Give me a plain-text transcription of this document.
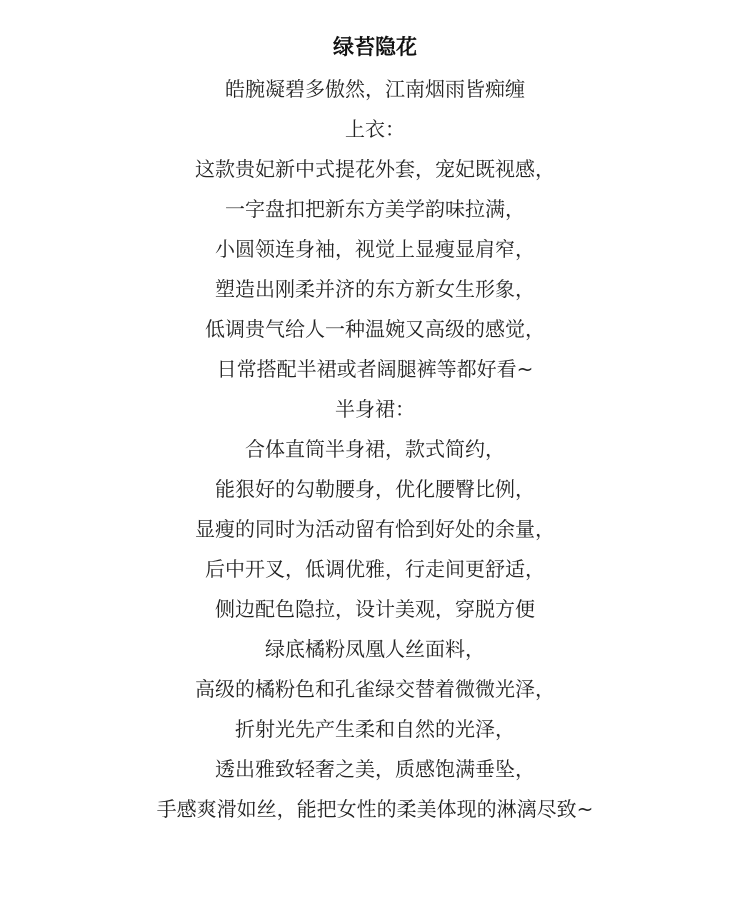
绿苔隐花
皓腕凝碧多傲然，江南烟雨皆痴缠
上衣：
这款贵妃新中式提花外套，宠妃既视感，
一字盘扣把新东方美学韵味拉满，
小圆领连身袖，视觉上显瘦显肩窄，
塑造出刚柔并济的东方新女生形象，
低调贵气给人一种温婉又高级的感觉，
日常搭配半裙或者阔腿裤等都好看~
半身裙：
合体直筒半身裙，款式简约，
能狠好的勾勒腰身，优化腰臀比例，
显瘦的同时为活动留有恰到好处的余量，
后中开叉，低调优雅，行走间更舒适，
侧边配色隐拉，设计美观，穿脱方便
绿底橘粉凤凰人丝面料，
高级的橘粉色和孔雀绿交替着微微光泽，
折射光先产生柔和自然的光泽，
透出雅致轻奢之美，质感饱满垂坠，
手感爽滑如丝，能把女性的柔美体现的淋漓尽致~
